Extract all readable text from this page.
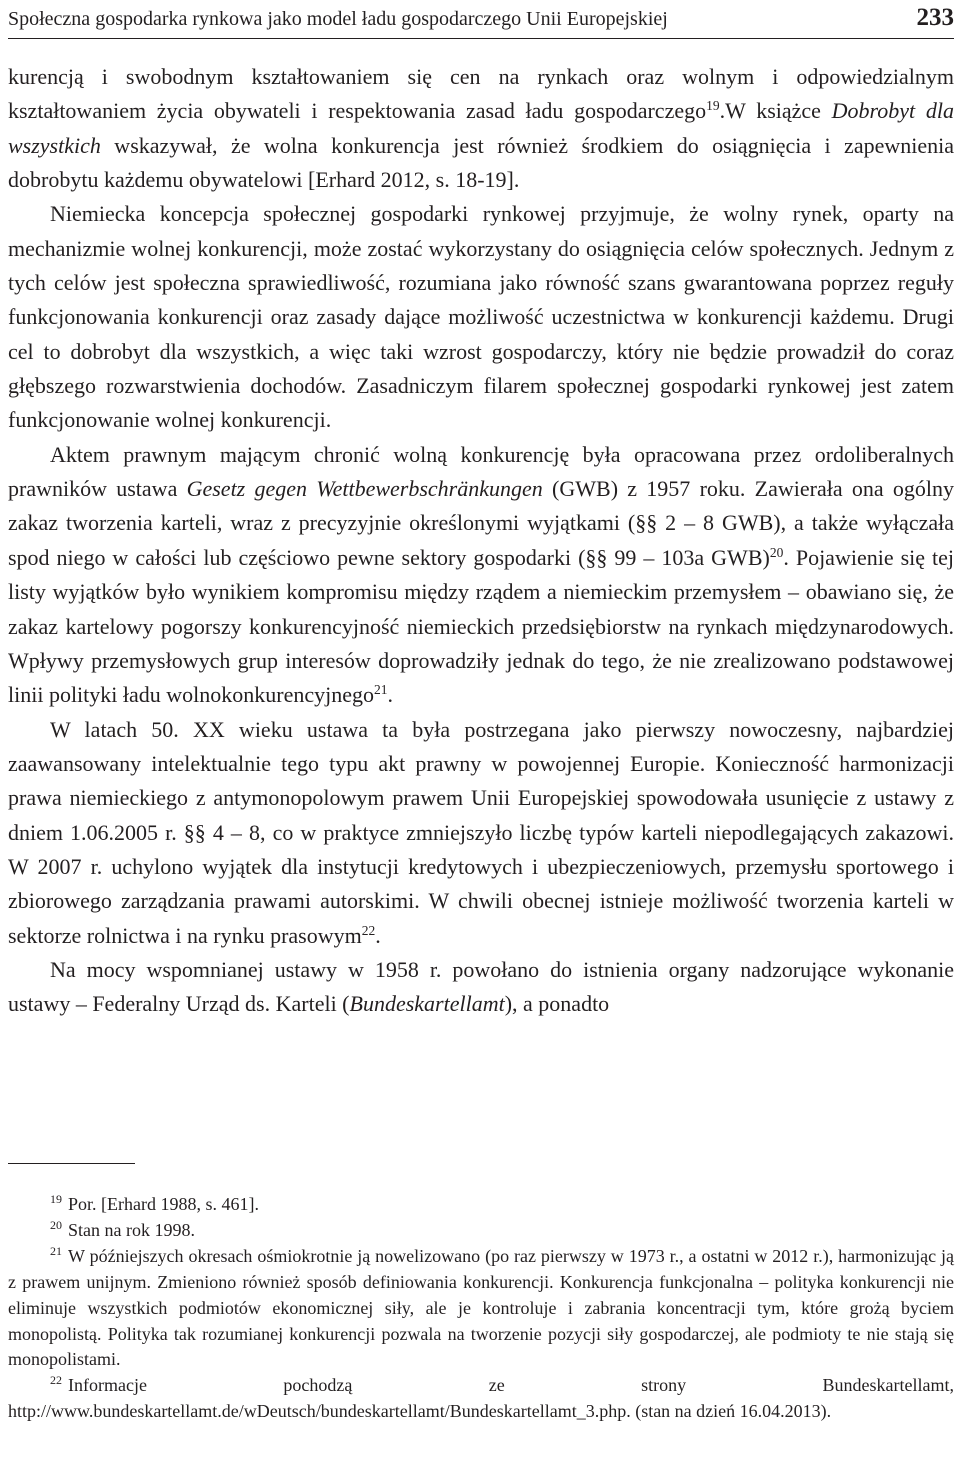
Społeczna gospodarka rynkowa jako model ładu gospodarczego Unii Europejskiej	233

kurencją i swobodnym kształtowaniem się cen na rynkach oraz wolnym i odpowiedzialnym kształtowaniem życia obywateli i respektowania zasad ładu gospodarczego$^{19}$.W książce Dobrobyt dla wszystkich wskazywał, że wolna konkurencja jest również środkiem do osiągnięcia i zapewnienia dobrobytu każdemu obywatelowi [Erhard 2012, s. 18-19].

Niemiecka koncepcja społecznej gospodarki rynkowej przyjmuje, że wolny rynek, oparty na mechanizmie wolnej konkurencji, może zostać wykorzystany do osiągnięcia celów społecznych. Jednym z tych celów jest społeczna sprawiedliwość, rozumiana jako równość szans gwarantowana poprzez reguły funkcjonowania konkurencji oraz zasady dające możliwość uczestnictwa w konkurencji każdemu. Drugi cel to dobrobyt dla wszystkich, a więc taki wzrost gospodarczy, który nie będzie prowadził do coraz głębszego rozwarstwienia dochodów. Zasadniczym filarem społecznej gospodarki rynkowej jest zatem funkcjonowanie wolnej konkurencji.

Aktem prawnym mającym chronić wolną konkurencję była opracowana przez ordoliberalnych prawników ustawa Gesetz gegen Wettbewerbschränkungen (GWB) z 1957 roku. Zawierała ona ogólny zakaz tworzenia karteli, wraz z precyzyjnie określonymi wyjątkami (§§ 2 – 8 GWB), a także wyłączała spod niego w całości lub częściowo pewne sektory gospodarki (§§ 99 – 103a GWB)$^{20}$. Pojawienie się tej listy wyjątków było wynikiem kompromisu między rządem a niemieckim przemysłem – obawiano się, że zakaz kartelowy pogorszy konkurencyjność niemieckich przedsiębiorstw na rynkach międzynarodowych. Wpływy przemysłowych grup interesów doprowadziły jednak do tego, że nie zrealizowano podstawowej linii polityki ładu wolnokonkurencyjnego$^{21}$.

W latach 50. XX wieku ustawa ta była postrzegana jako pierwszy nowoczesny, najbardziej zaawansowany intelektualnie tego typu akt prawny w powojennej Europie. Konieczność harmonizacji prawa niemieckiego z antymonopolowym prawem Unii Europejskiej spowodowała usunięcie z ustawy z dniem 1.06.2005 r. §§ 4 – 8, co w praktyce zmniejszyło liczbę typów karteli niepodlegających zakazowi. W 2007 r. uchylono wyjątek dla instytucji kredytowych i ubezpieczeniowych, przemysłu sportowego i zbiorowego zarządzania prawami autorskimi. W chwili obecnej istnieje możliwość tworzenia karteli w sektorze rolnictwa i na rynku prasowym$^{22}$.

Na mocy wspomnianej ustawy w 1958 r. powołano do istnienia organy nadzorujące wykonanie ustawy – Federalny Urząd ds. Karteli (Bundeskartellamt), a ponadto

$^{19}$ Por. [Erhard 1988, s. 461].

$^{20}$ Stan na rok 1998.

$^{21}$ W późniejszych okresach ośmiokrotnie ją nowelizowano (po raz pierwszy w 1973 r., a ostatni w 2012 r.), harmonizując ją z prawem unijnym. Zmieniono również sposób definiowania konkurencji. Konkurencja funkcjonalna – polityka konkurencji nie eliminuje wszystkich podmiotów ekonomicznej siły, ale je kontroluje i zabrania koncentracji tym, które grożą byciem monopolistą. Polityka tak rozumianej konkurencji pozwala na tworzenie pozycji siły gospodarczej, ale podmioty te nie stają się monopolistami.

$^{22}$ Informacje pochodzą ze strony Bundeskartellamt, http://www.bundeskartellamt.de/wDeutsch/bundeskartellamt/Bundeskartellamt_3.php. (stan na dzień 16.04.2013).
